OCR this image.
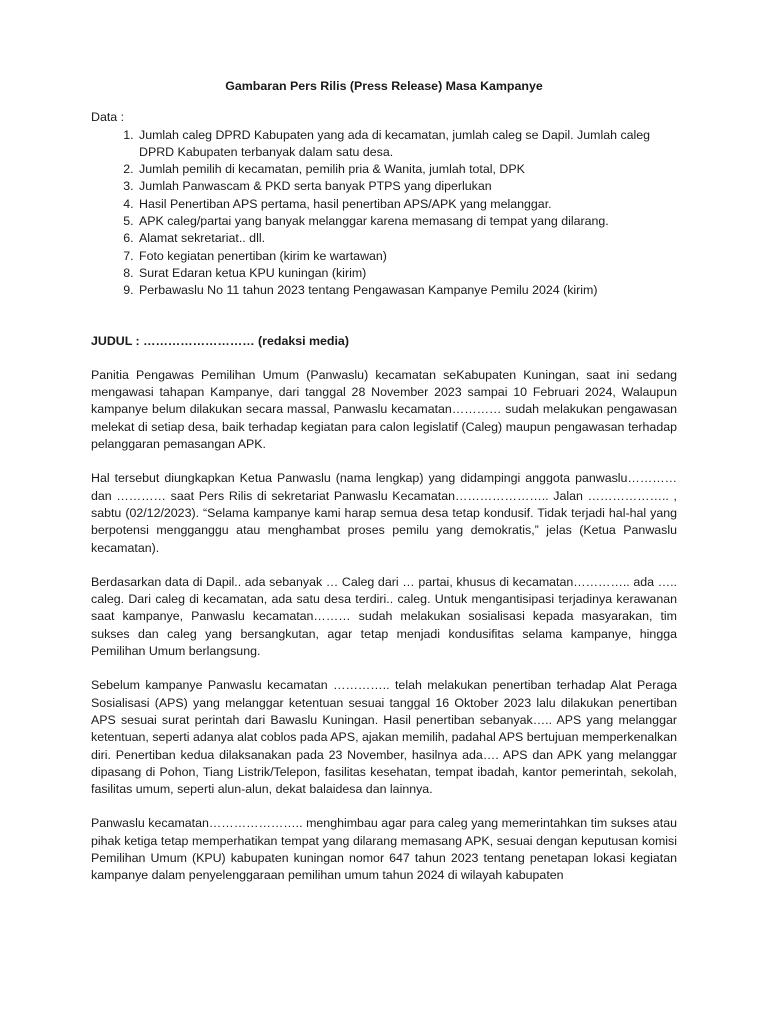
Gambaran Pers Rilis (Press Release) Masa Kampanye

Data :

1. Jumlah caleg DPRD Kabupaten yang ada di kecamatan, jumlah caleg se Dapil. Jumlah caleg DPRD Kabupaten terbanyak dalam satu desa.
2. Jumlah pemilih di kecamatan, pemilih pria & Wanita, jumlah total, DPK
3. Jumlah Panwascam & PKD serta banyak PTPS yang diperlukan
4. Hasil Penertiban APS pertama, hasil penertiban APS/APK yang melanggar.
5. APK caleg/partai yang banyak melanggar karena memasang di tempat yang dilarang.
6. Alamat sekretariat.. dll.
7. Foto kegiatan penertiban (kirim ke wartawan)
8. Surat Edaran ketua KPU kuningan (kirim)
9. Perbawaslu No 11 tahun 2023 tentang Pengawasan Kampanye Pemilu 2024 (kirim)

JUDUL : ……………………… (redaksi media)

Panitia Pengawas Pemilihan Umum (Panwaslu) kecamatan seKabupaten Kuningan, saat ini sedang mengawasi tahapan Kampanye, dari tanggal 28 November 2023 sampai 10 Februari 2024, Walaupun kampanye belum dilakukan secara massal, Panwaslu kecamatan………… sudah melakukan pengawasan melekat di setiap desa, baik terhadap kegiatan para calon legislatif (Caleg) maupun pengawasan terhadap pelanggaran pemasangan APK.

Hal tersebut diungkapkan Ketua Panwaslu (nama lengkap) yang didampingi anggota panwaslu………… dan ………… saat Pers Rilis di sekretariat Panwaslu Kecamatan………………….. Jalan ……………….. , sabtu (02/12/2023). “Selama kampanye kami harap semua desa tetap kondusif. Tidak terjadi hal-hal yang berpotensi mengganggu atau menghambat proses pemilu yang demokratis,” jelas (Ketua Panwaslu kecamatan).

Berdasarkan data di Dapil.. ada sebanyak … Caleg dari … partai, khusus di kecamatan………….. ada ….. caleg. Dari caleg di kecamatan, ada satu desa terdiri.. caleg. Untuk mengantisipasi terjadinya kerawanan saat kampanye, Panwaslu kecamatan……… sudah melakukan sosialisasi kepada masyarakan, tim sukses dan caleg yang bersangkutan, agar tetap menjadi kondusifitas selama kampanye, hingga Pemilihan Umum berlangsung.

Sebelum kampanye Panwaslu kecamatan ………….. telah melakukan penertiban terhadap Alat Peraga Sosialisasi (APS) yang melanggar ketentuan sesuai tanggal 16 Oktober 2023 lalu dilakukan penertiban APS sesuai surat perintah dari Bawaslu Kuningan. Hasil penertiban sebanyak….. APS yang melanggar ketentuan, seperti adanya alat coblos pada APS, ajakan memilih, padahal APS bertujuan memperkenalkan diri. Penertiban kedua dilaksanakan pada 23 November, hasilnya ada…. APS dan APK yang melanggar dipasang di Pohon, Tiang Listrik/Telepon, fasilitas kesehatan, tempat ibadah, kantor pemerintah, sekolah, fasilitas umum, seperti alun-alun, dekat balaidesa dan lainnya.

Panwaslu kecamatan………………….. menghimbau agar para caleg yang memerintahkan tim sukses atau pihak ketiga tetap memperhatikan tempat yang dilarang memasang APK, sesuai dengan keputusan komisi Pemilihan Umum (KPU) kabupaten kuningan nomor 647 tahun 2023 tentang penetapan lokasi kegiatan kampanye dalam penyelenggaraan pemilihan umum tahun 2024 di wilayah kabupaten
